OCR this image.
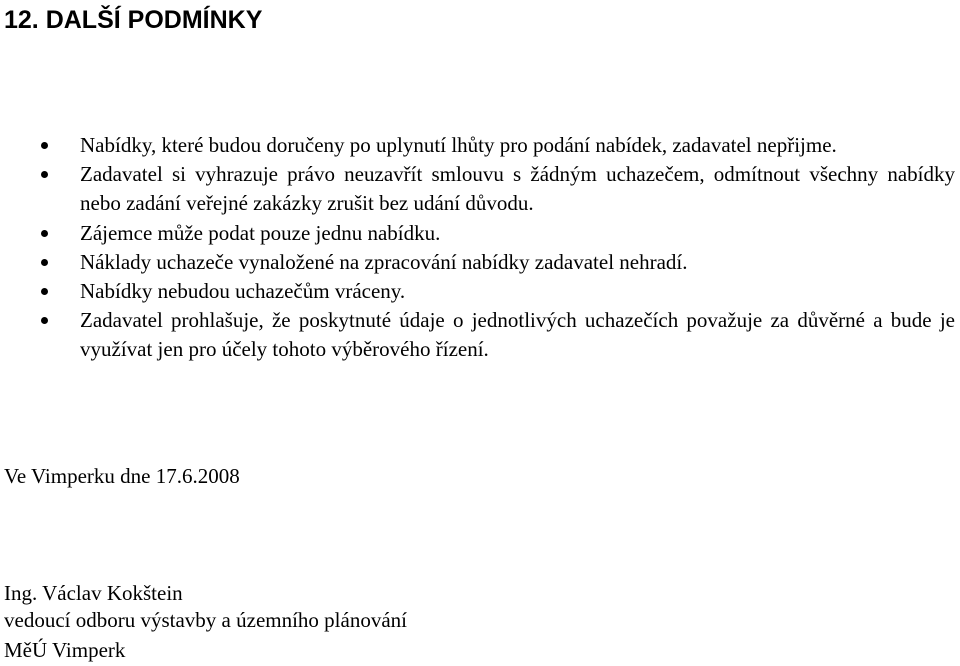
12. DALŠÍ PODMÍNKY
Nabídky, které budou doručeny po uplynutí lhůty pro podání nabídek, zadavatel nepřijme.
Zadavatel si vyhrazuje právo neuzavřít smlouvu s žádným uchazečem, odmítnout všechny nabídky nebo zadání veřejné zakázky zrušit bez udání důvodu.
Zájemce může podat pouze jednu nabídku.
Náklady uchazeče vynaložené na zpracování nabídky zadavatel nehradí.
Nabídky nebudou uchazečům vráceny.
Zadavatel prohlašuje, že poskytnuté údaje o jednotlivých uchazečích považuje za důvěrné a bude je využívat jen pro účely tohoto výběrového řízení.

Ve Vimperku dne 17.6.2008

Ing. Václav Kokštein

vedoucí odboru výstavby a územního plánování

MěÚ Vimperk
